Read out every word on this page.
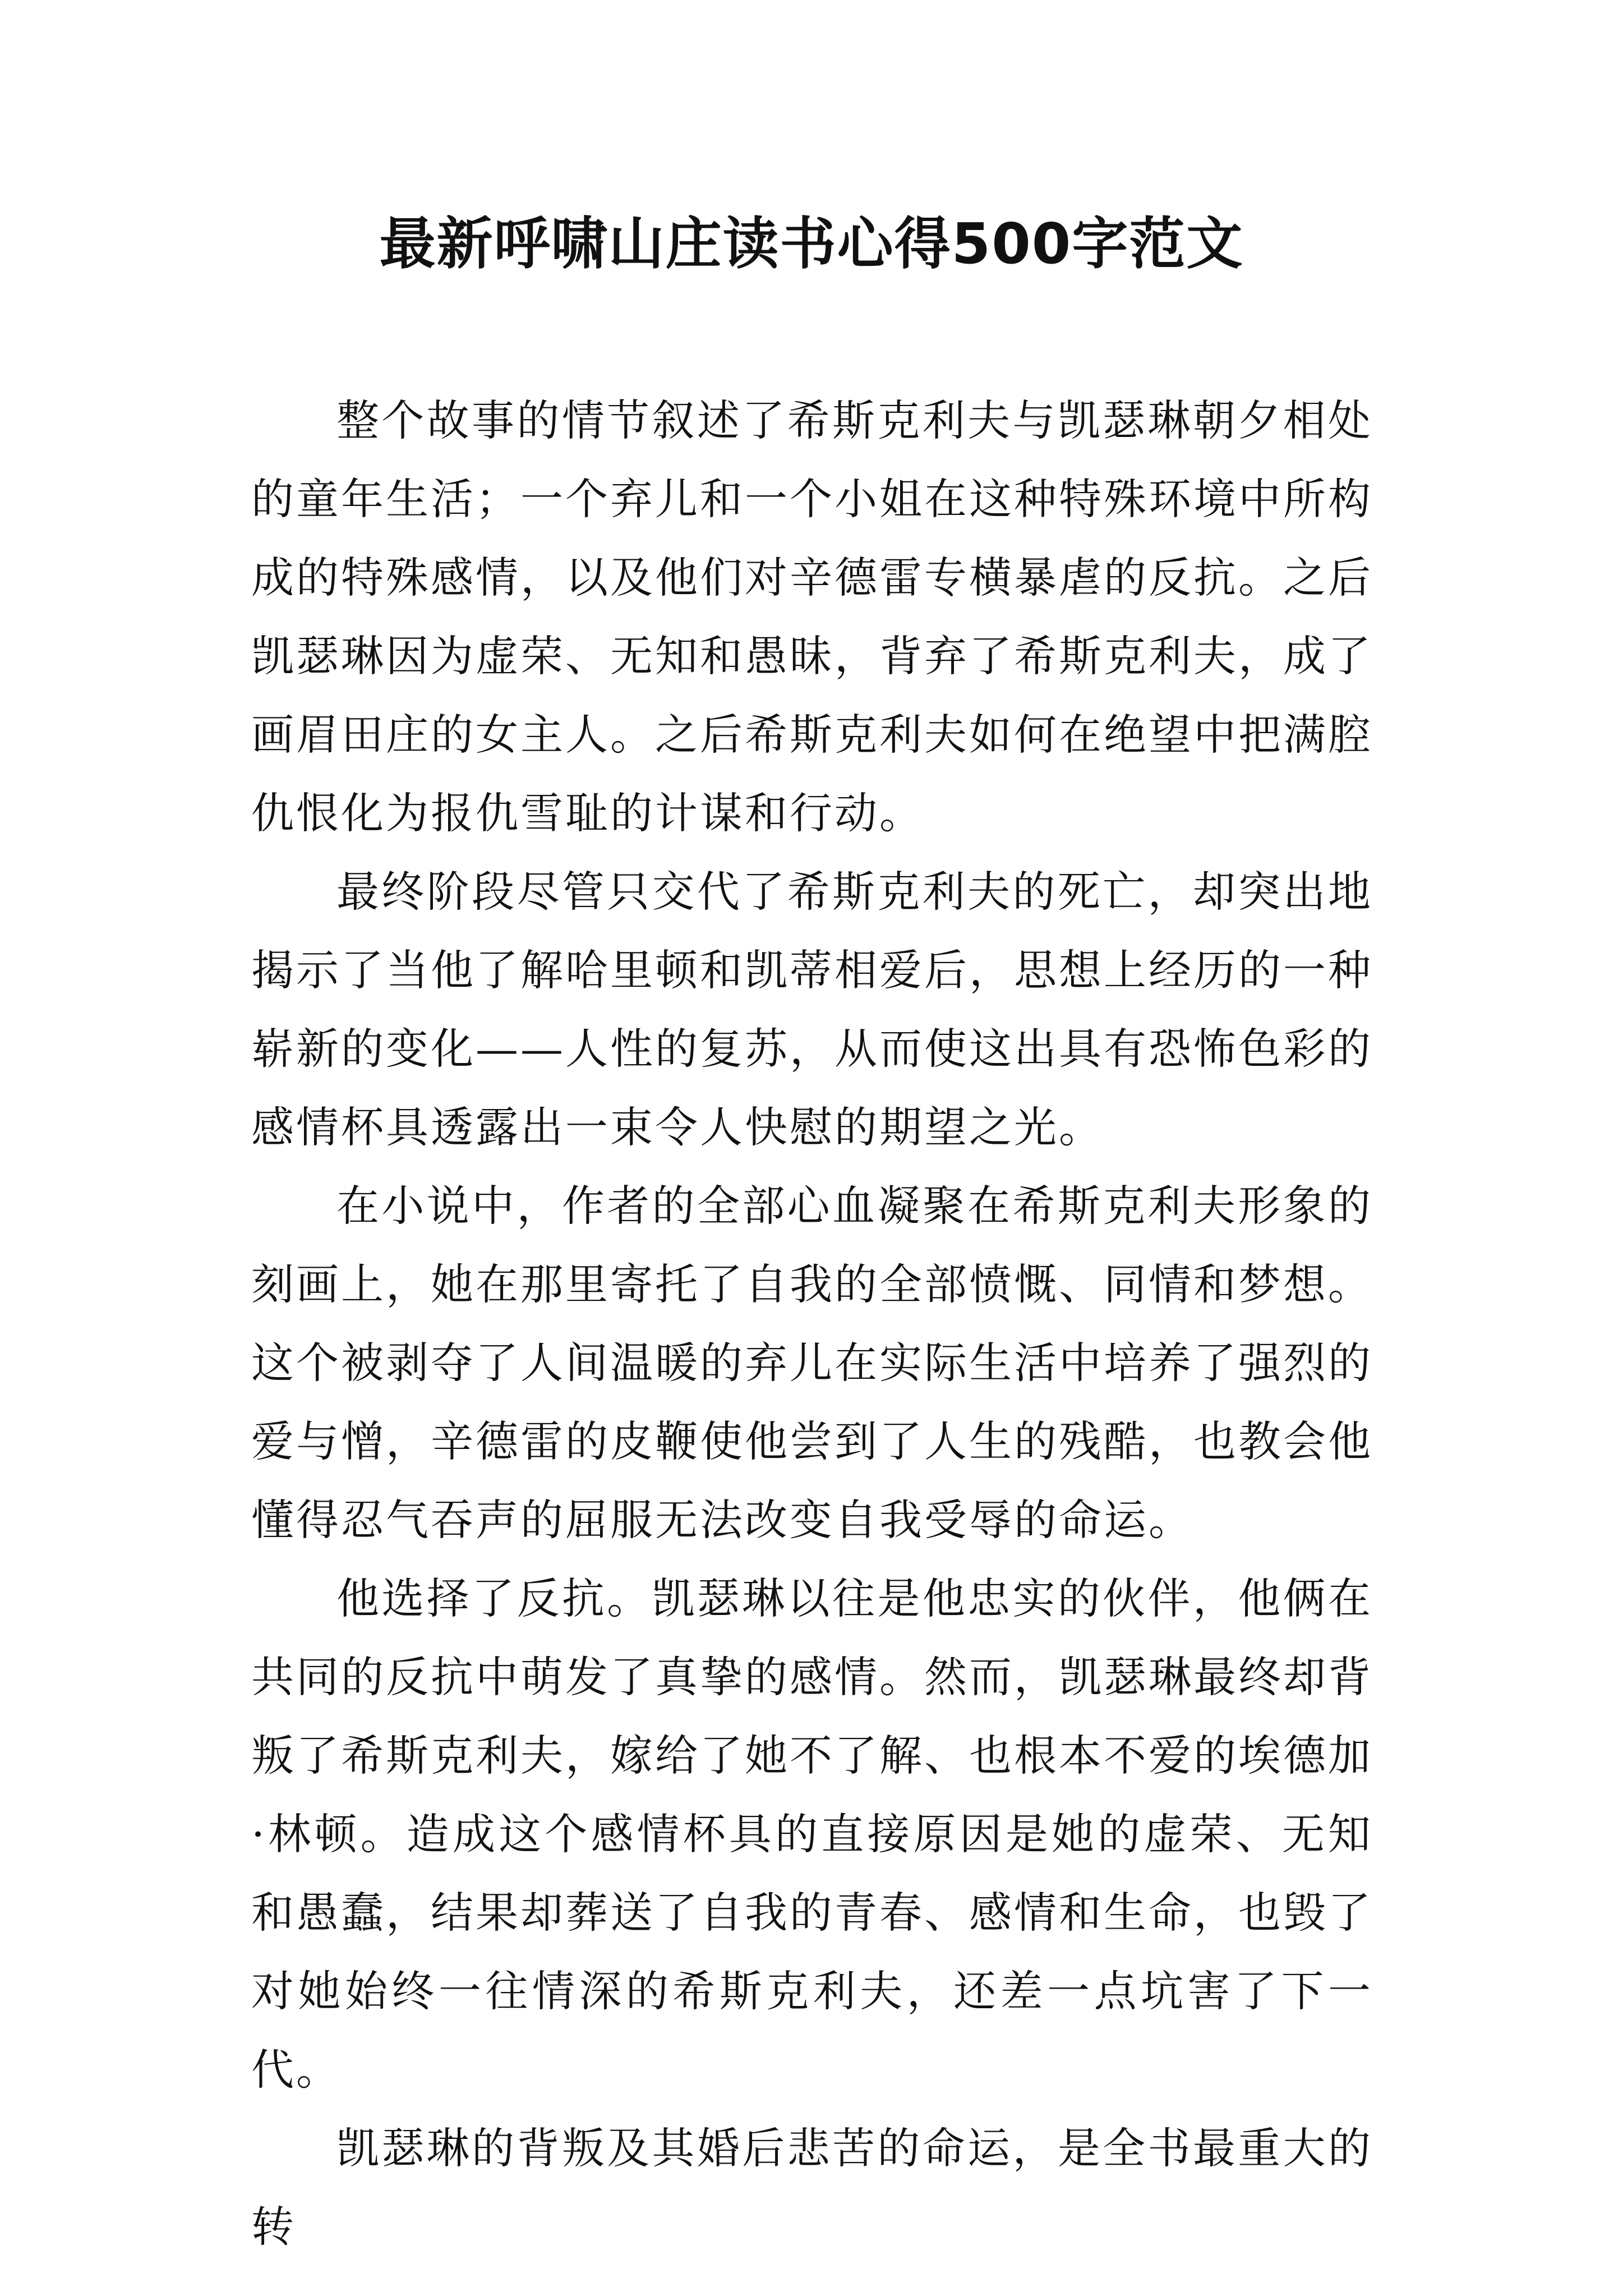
最新呼啸山庄读书心得500字范文

整个故事的情节叙述了希斯克利夫与凯瑟琳朝夕相处的童年生活；一个弃儿和一个小姐在这种特殊环境中所构成的特殊感情，以及他们对辛德雷专横暴虐的反抗。之后凯瑟琳因为虚荣、无知和愚昧，背弃了希斯克利夫，成了画眉田庄的女主人。之后希斯克利夫如何在绝望中把满腔仇恨化为报仇雪耻的计谋和行动。

最终阶段尽管只交代了希斯克利夫的死亡，却突出地揭示了当他了解哈里顿和凯蒂相爱后，思想上经历的一种崭新的变化——人性的复苏，从而使这出具有恐怖色彩的感情杯具透露出一束令人快慰的期望之光。

在小说中，作者的全部心血凝聚在希斯克利夫形象的刻画上，她在那里寄托了自我的全部愤慨、同情和梦想。这个被剥夺了人间温暖的弃儿在实际生活中培养了强烈的爱与憎，辛德雷的皮鞭使他尝到了人生的残酷，也教会他懂得忍气吞声的屈服无法改变自我受辱的命运。

他选择了反抗。凯瑟琳以往是他忠实的伙伴，他俩在共同的反抗中萌发了真挚的感情。然而，凯瑟琳最终却背叛了希斯克利夫，嫁给了她不了解、也根本不爱的埃德加·林顿。造成这个感情杯具的直接原因是她的虚荣、无知和愚蠢，结果却葬送了自我的青春、感情和生命，也毁了对她始终一往情深的希斯克利夫，还差一点坑害了下一代。

凯瑟琳的背叛及其婚后悲苦的命运，是全书最重大的转
